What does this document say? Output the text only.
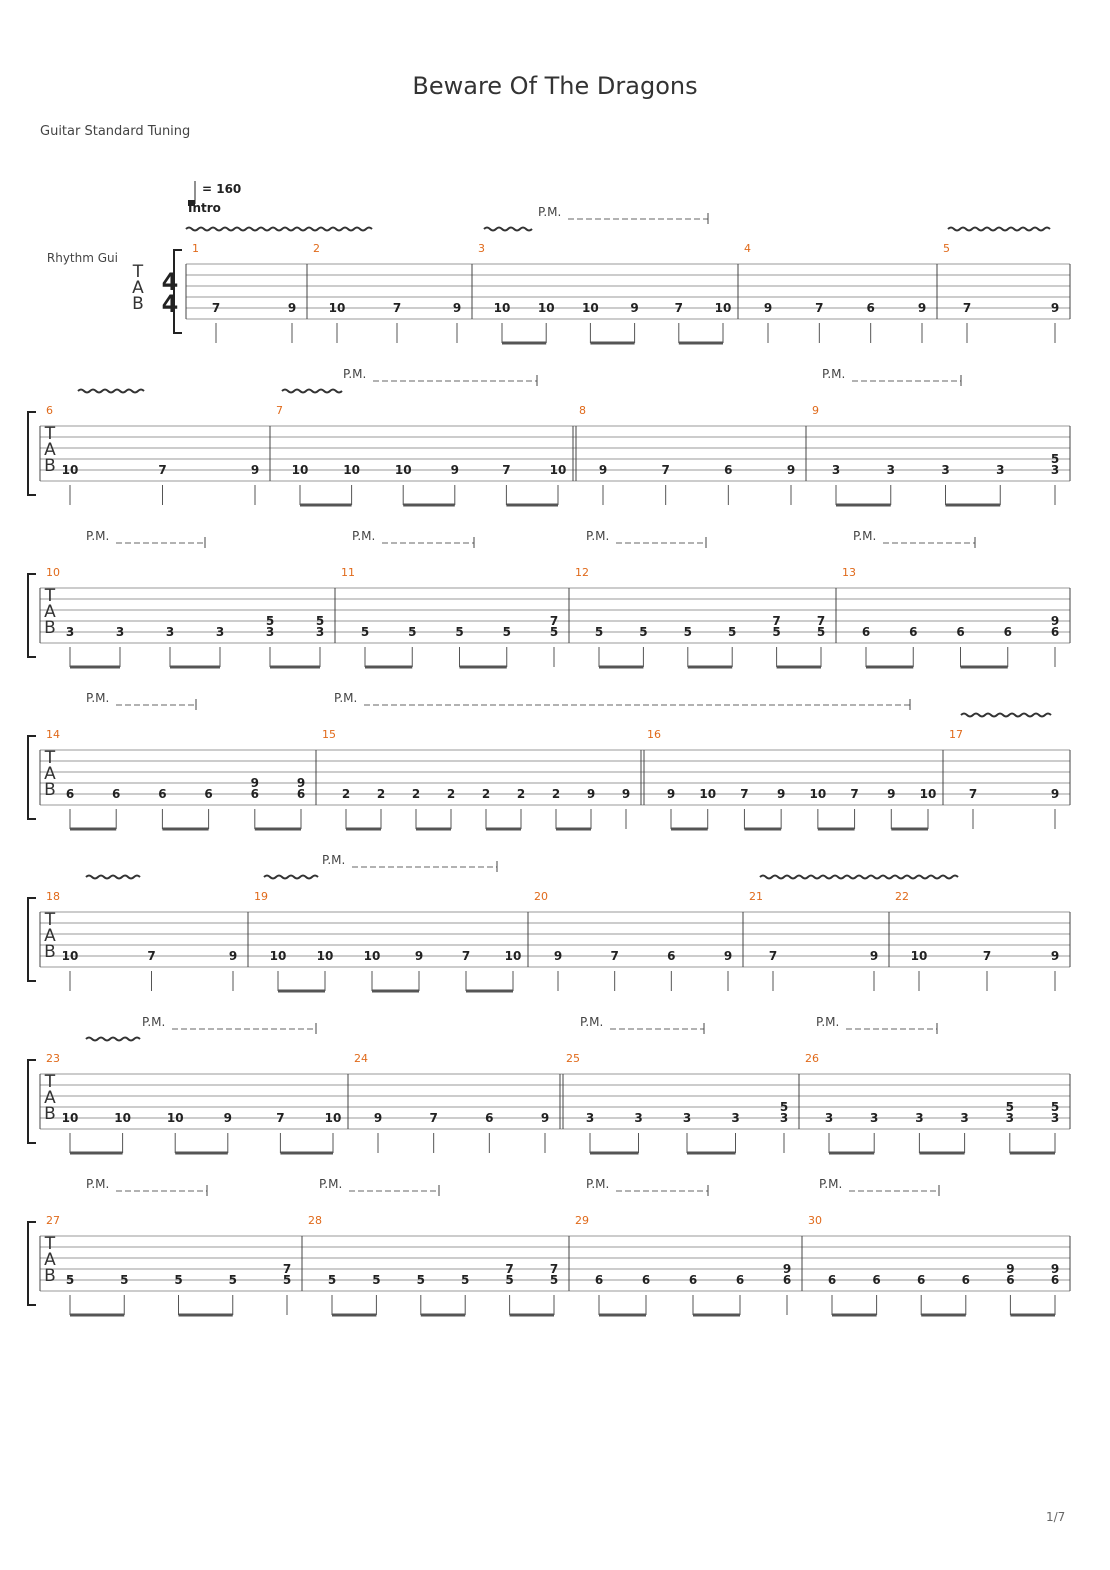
Beware Of The Dragons
Guitar Standard Tuning
1/7
= 160
Intro
T
A
B
4
4
Rhythm Gui
P.M.
1
7	9
2
10	7	9
3
10 10 10	9	7	10
4
9	7	6	9
5
7	9
T
A
B
P.M.	P.M.
6
10	7	9
7
10	10	10	9	7	10
8
9	7	6	9
9
3	3	3	3
5
3
T
A
B
P.M.	P.M.	P.M.	P.M.
10
3	3	3	3
5
3
5
3
11
5	5	5	5
7
5
12
5	5	5	5
7
5
7
5
13
6	6	6	6
9
6
T
A
B
P.M.	P.M.
14
6	6	6	6
9
6
9
6
15
2 2 2 2 2 2 2 9 9
16
9 10 7 9 10 7 9 10
17
7	9
T
A
B
P.M.
18
10	7	9
19
10	10	10	9	7	10
20
9	7	6	9
21
7	9
22
10	7	9
T
A
B
P.M.	P.M.	P.M.
23
10	10	10	9	7	10
24
9	7	6	9
25
3	3	3	3
5
3
26
3	3	3	3
5
3
5
3
T
A
B
P.M.	P.M.	P.M.	P.M.
27
5	5	5	5
7
5
28
5	5	5	5
7
5
7
5
29
6	6	6	6
9
6
30
6	6	6	6
9
6
9
6
